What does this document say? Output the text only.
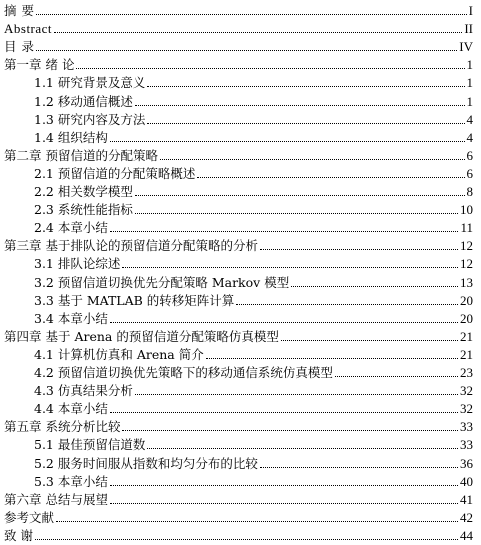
摘 要	I
Abstract	II
目 录	IV
第一章 绪 论	1
1.1 研究背景及意义	1
1.2 移动通信概述	1
1.3 研究内容及方法	4
1.4 组织结构	4
第二章 预留信道的分配策略	6
2.1 预留信道的分配策略概述	6
2.2 相关数学模型	8
2.3 系统性能指标	10
2.4 本章小结	11
第三章 基于排队论的预留信道分配策略的分析	12
3.1 排队论综述	12
3.2 预留信道切换优先分配策略 Markov 模型	13
3.3 基于 MATLAB 的转移矩阵计算	20
3.4 本章小结	20
第四章 基于 Arena 的预留信道分配策略仿真模型	21
4.1 计算机仿真和 Arena 简介	21
4.2 预留信道切换优先策略下的移动通信系统仿真模型	23
4.3 仿真结果分析	32
4.4 本章小结	32
第五章 系统分析比较	33
5.1 最佳预留信道数	33
5.2 服务时间服从指数和均匀分布的比较	36
5.3 本章小结	40
第六章 总结与展望	41
参考文献	42
致 谢	44
